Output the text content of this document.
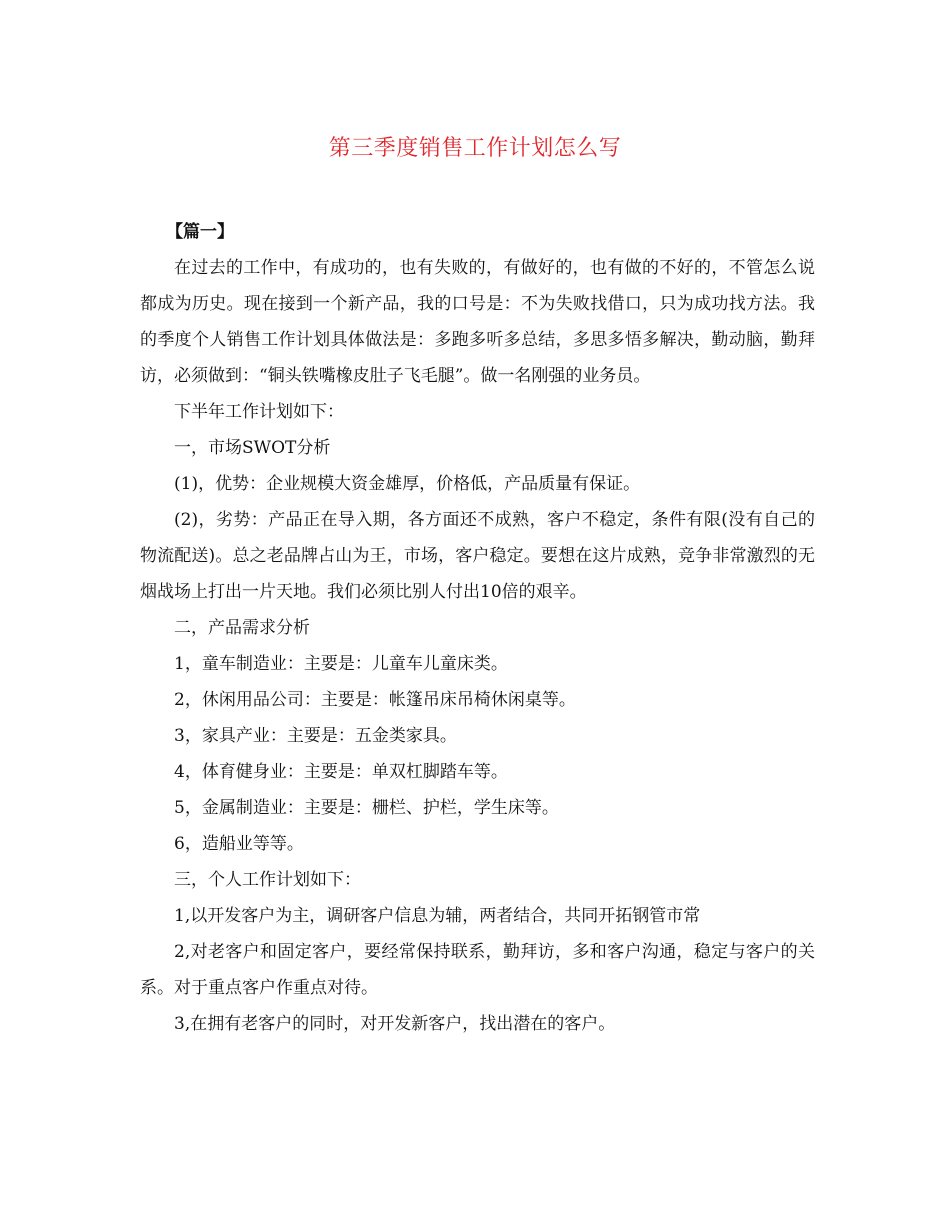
第三季度销售工作计划怎么写

【篇一】

在过去的工作中，有成功的，也有失败的，有做好的，也有做的不好的，不管怎么说都成为历史。现在接到一个新产品，我的口号是：不为失败找借口，只为成功找方法。我的季度个人销售工作计划具体做法是：多跑多听多总结，多思多悟多解决，勤动脑，勤拜访，必须做到：“铜头铁嘴橡皮肚子飞毛腿”。做一名刚强的业务员。

下半年工作计划如下：

一，市场SWOT分析

(1)，优势：企业规模大资金雄厚，价格低，产品质量有保证。

(2)，劣势：产品正在导入期，各方面还不成熟，客户不稳定，条件有限(没有自己的物流配送)。总之老品牌占山为王，市场，客户稳定。要想在这片成熟，竞争非常激烈的无烟战场上打出一片天地。我们必须比别人付出10倍的艰辛。

二，产品需求分析

1，童车制造业：主要是：儿童车儿童床类。

2，休闲用品公司：主要是：帐篷吊床吊椅休闲桌等。

3，家具产业：主要是：五金类家具。

4，体育健身业：主要是：单双杠脚踏车等。

5，金属制造业：主要是：栅栏、护栏，学生床等。

6，造船业等等。

三，个人工作计划如下：

1,以开发客户为主，调研客户信息为辅，两者结合，共同开拓钢管市常

2,对老客户和固定客户，要经常保持联系，勤拜访，多和客户沟通，稳定与客户的关系。对于重点客户作重点对待。

3,在拥有老客户的同时，对开发新客户，找出潜在的客户。
